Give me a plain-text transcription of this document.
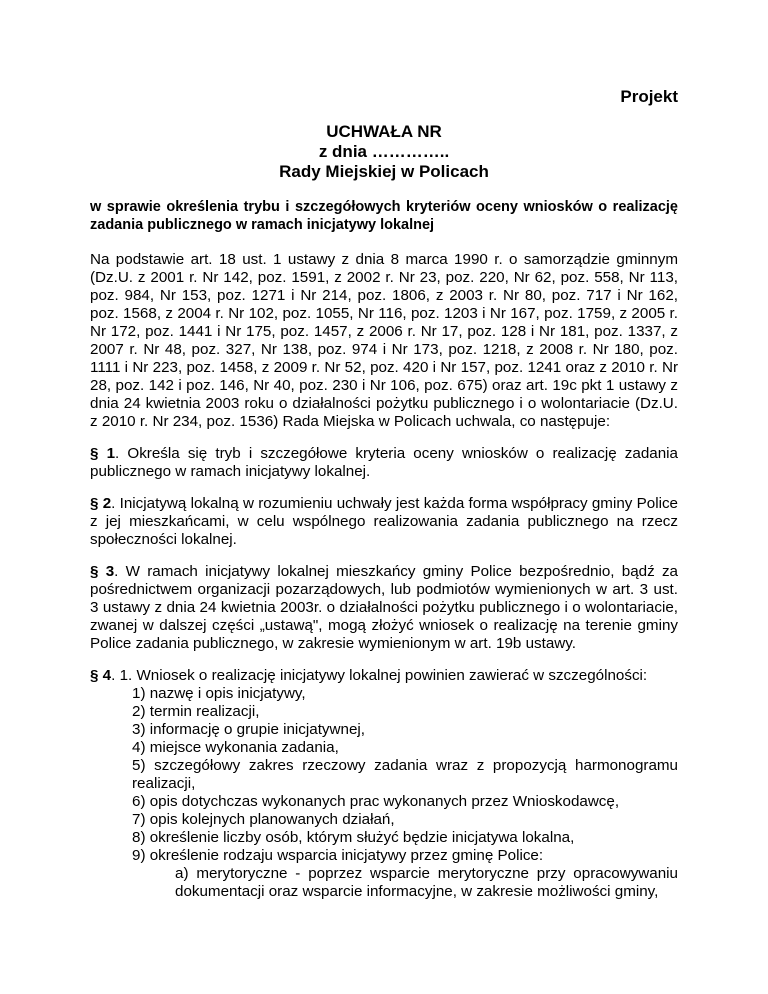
Projekt
UCHWAŁA NR
z dnia …………..
Rady Miejskiej w Policach

w sprawie określenia trybu i szczegółowych kryteriów oceny wniosków o realizację zadania publicznego w ramach inicjatywy lokalnej

Na podstawie art. 18 ust. 1 ustawy z dnia 8 marca 1990 r. o samorządzie gminnym (Dz.U. z 2001 r. Nr 142, poz. 1591, z 2002 r. Nr 23, poz. 220, Nr 62, poz. 558, Nr 113, poz. 984, Nr 153, poz. 1271 i Nr 214, poz. 1806, z 2003 r. Nr 80, poz. 717 i Nr 162, poz. 1568, z 2004 r. Nr 102, poz. 1055, Nr 116, poz. 1203 i Nr 167, poz. 1759, z 2005 r. Nr 172, poz. 1441 i Nr 175, poz. 1457, z 2006 r. Nr 17, poz. 128 i Nr 181, poz. 1337, z 2007 r. Nr 48, poz. 327, Nr 138, poz. 974 i Nr 173, poz. 1218, z 2008 r. Nr 180, poz. 1111 i Nr 223, poz. 1458, z 2009 r. Nr 52, poz. 420 i Nr 157, poz. 1241 oraz z 2010 r. Nr 28, poz. 142 i poz. 146, Nr 40, poz. 230 i Nr 106, poz. 675) oraz art. 19c pkt 1 ustawy z dnia 24 kwietnia 2003 roku o działalności pożytku publicznego i o wolontariacie (Dz.U. z 2010 r. Nr 234, poz. 1536) Rada Miejska w Policach uchwala, co następuje:

§ 1. Określa się tryb i szczegółowe kryteria oceny wniosków o realizację zadania publicznego w ramach inicjatywy lokalnej.

§ 2. Inicjatywą lokalną w rozumieniu uchwały jest każda forma współpracy gminy Police z jej mieszkańcami, w celu wspólnego realizowania zadania publicznego na rzecz społeczności lokalnej.

§ 3. W ramach inicjatywy lokalnej mieszkańcy gminy Police bezpośrednio, bądź za pośrednictwem organizacji pozarządowych, lub podmiotów wymienionych w art. 3 ust. 3 ustawy z dnia 24 kwietnia 2003r. o działalności pożytku publicznego i o wolontariacie, zwanej w dalszej części „ustawą", mogą złożyć wniosek o realizację na terenie gminy Police zadania publicznego, w zakresie wymienionym w art. 19b ustawy.

§ 4. 1. Wniosek o realizację inicjatywy lokalnej powinien zawierać w szczególności:

1) nazwę i opis inicjatywy,
2) termin realizacji,
3) informację o grupie inicjatywnej,
4) miejsce wykonania zadania,
5) szczegółowy zakres rzeczowy zadania wraz z propozycją harmonogramu realizacji,
6) opis dotychczas wykonanych prac wykonanych przez Wnioskodawcę,
7) opis kolejnych planowanych działań,
8) określenie liczby osób, którym służyć będzie inicjatywa lokalna,
9) określenie rodzaju wsparcia inicjatywy przez gminę Police:
a) merytoryczne - poprzez wsparcie merytoryczne przy opracowywaniu dokumentacji oraz wsparcie informacyjne, w zakresie możliwości gminy,
